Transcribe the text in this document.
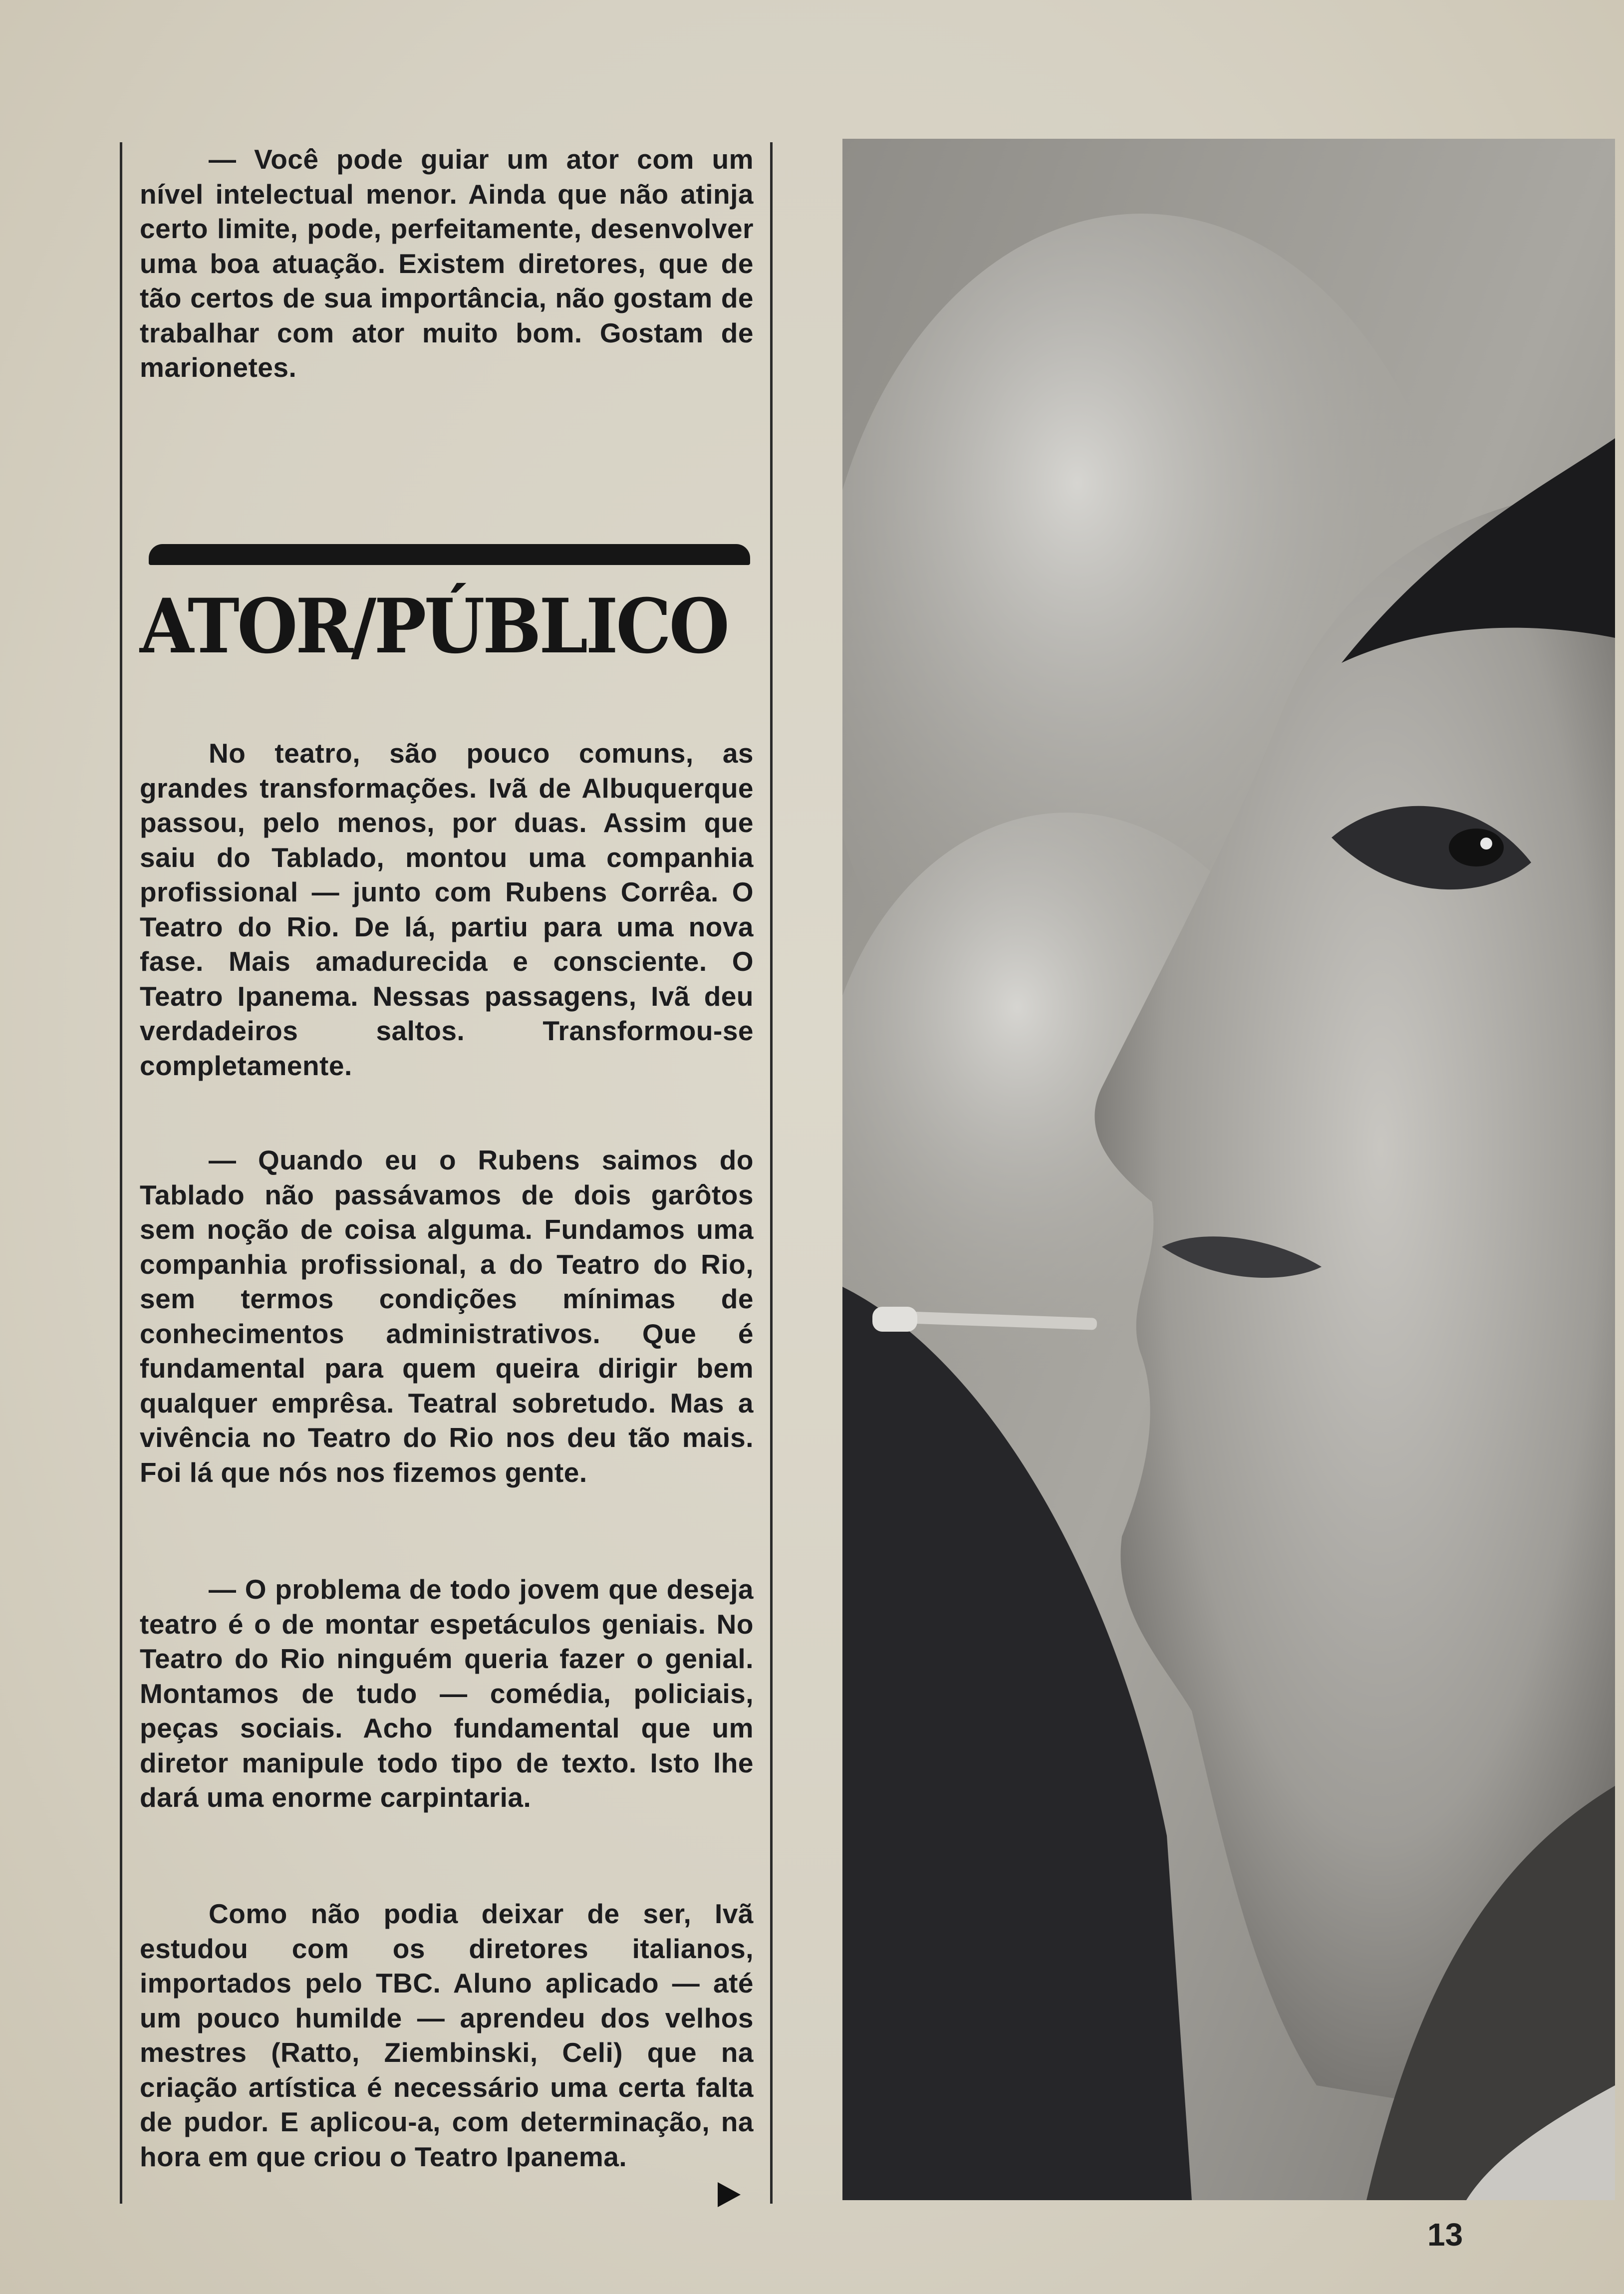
— Você pode guiar um ator com um nível intelectual menor. Ainda que não atinja certo limite, pode, perfeitamente, desenvolver uma boa atuação. Existem diretores, que de tão certos de sua importância, não gostam de trabalhar com ator muito bom. Gostam de marionetes.

ATOR/PÚBLICO

No teatro, são pouco comuns, as grandes transformações. Ivã de Albuquerque passou, pelo menos, por duas. Assim que saiu do Tablado, montou uma companhia profissional — junto com Rubens Corrêa. O Teatro do Rio. De lá, partiu para uma nova fase. Mais amadurecida e consciente. O Teatro Ipanema. Nessas passagens, Ivã deu verdadeiros saltos. Transformou-se completamente.

— Quando eu o Rubens saimos do Tablado não passávamos de dois garôtos sem noção de coisa alguma. Fundamos uma companhia profissional, a do Teatro do Rio, sem termos condições mínimas de conhecimentos administrativos. Que é fundamental para quem queira dirigir bem qualquer emprêsa. Teatral sobretudo. Mas a vivência no Teatro do Rio nos deu tão mais. Foi lá que nós nos fizemos gente.

— O problema de todo jovem que deseja teatro é o de montar espetáculos geniais. No Teatro do Rio ninguém queria fazer o genial. Montamos de tudo — comédia, policiais, peças sociais. Acho fundamental que um diretor manipule todo tipo de texto. Isto lhe dará uma enorme carpintaria.

Como não podia deixar de ser, Ivã estudou com os diretores italianos, importados pelo TBC. Aluno aplicado — até um pouco humilde — aprendeu dos velhos mestres (Ratto, Ziembinski, Celi) que na criação artística é necessário uma certa falta de pudor. E aplicou-a, com determinação, na hora em que criou o Teatro Ipanema.

13
